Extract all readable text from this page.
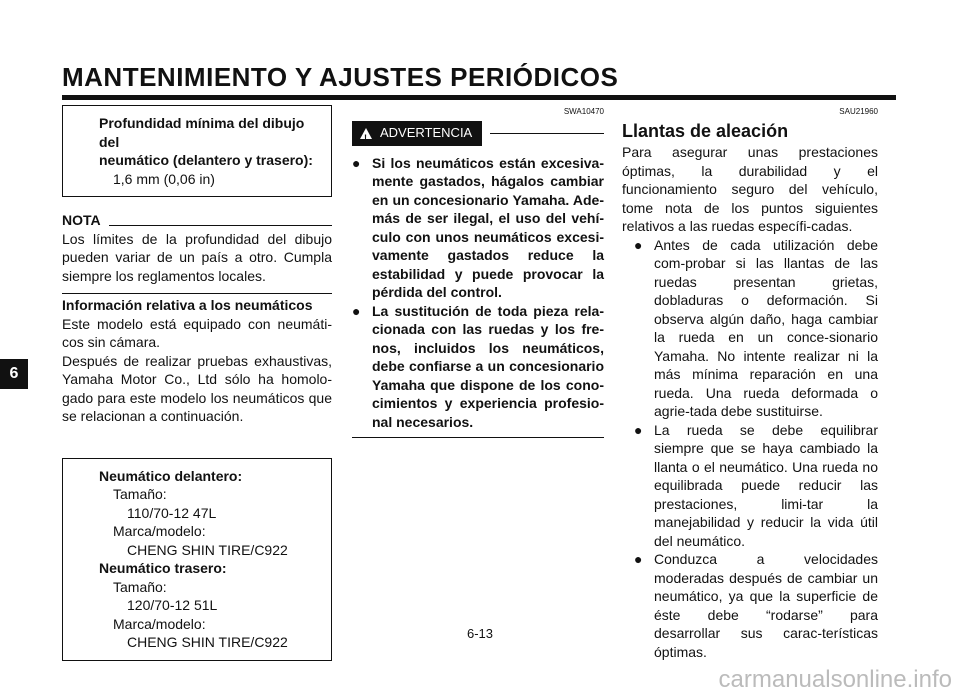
MANTENIMIENTO Y AJUSTES PERIÓDICOS
6
Profundidad mínima del dibujo del
neumático (delantero y trasero):
1,6 mm (0,06 in)
NOTA
Los límites de la profundidad del dibujo pueden variar de un país a otro. Cumpla siempre los reglamentos locales.
Información relativa a los neumáticos
Este modelo está equipado con neumáti-cos sin cámara.
Después de realizar pruebas exhaustivas, Yamaha Motor Co., Ltd sólo ha homolo-gado para este modelo los neumáticos que se relacionan a continuación.
Neumático delantero:
Tamaño:
110/70-12 47L
Marca/modelo:
CHENG SHIN TIRE/C922
Neumático trasero:
Tamaño:
120/70-12 51L
Marca/modelo:
CHENG SHIN TIRE/C922
SWA10470
!
ADVERTENCIA
● Si los neumáticos están excesiva-mente gastados, hágalos cambiar en un concesionario Yamaha. Ade-más de ser ilegal, el uso del vehí-culo con unos neumáticos excesi-vamente gastados reduce la estabilidad y puede provocar la pérdida del control.
● La sustitución de toda pieza rela-cionada con las ruedas y los fre-nos, incluidos los neumáticos, debe confiarse a un concesionario Yamaha que dispone de los cono-cimientos y experiencia profesio-nal necesarios.
SAU21960
Llantas de aleación
Para asegurar unas prestaciones óptimas, la durabilidad y el funcionamiento seguro del vehículo, tome nota de los puntos siguientes relativos a las ruedas específi-cadas.
● Antes de cada utilización debe com-probar si las llantas de las ruedas presentan grietas, dobladuras o deformación. Si observa algún daño, haga cambiar la rueda en un conce-sionario Yamaha. No intente realizar ni la más mínima reparación en una rueda. Una rueda deformada o agrie-tada debe sustituirse.
● La rueda se debe equilibrar siempre que se haya cambiado la llanta o el neumático. Una rueda no equilibrada puede reducir las prestaciones, limi-tar la manejabilidad y reducir la vida útil del neumático.
● Conduzca a velocidades moderadas después de cambiar un neumático, ya que la superficie de éste debe “rodarse” para desarrollar sus carac-terísticas óptimas.
6-13
carmanualsonline.info
